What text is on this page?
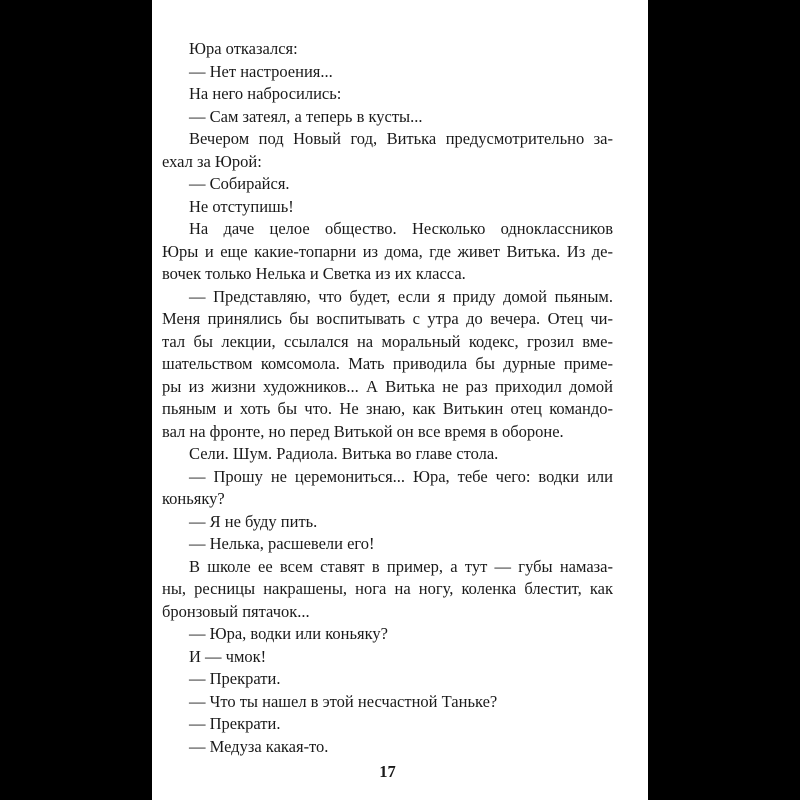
Юра отказался:
— Нет настроения...
На него набросились:
— Сам затеял, а теперь в кусты...
Вечером под Новый год, Витька предусмотрительно за-
ехал за Юрой:
— Собирайся.
Не отступишь!
На даче целое общество. Несколько одноклассников
Юры и еще какие-топарни из дома, где живет Витька. Из де-
вочек только Нелька и Светка из их класса.
— Представляю, что будет, если я приду домой пьяным.
Меня принялись бы воспитывать с утра до вечера. Отец чи-
тал бы лекции, ссылался на моральный кодекс, грозил вме-
шательством комсомола. Мать приводила бы дурные приме-
ры из жизни художников... А Витька не раз приходил домой
пьяным и хоть бы что. Не знаю, как Витькин отец командо-
вал на фронте, но перед Витькой он все время в обороне.
Сели. Шум. Радиола. Витька во главе стола.
— Прошу не церемониться... Юра, тебе чего: водки или
коньяку?
— Я не буду пить.
— Нелька, расшевели его!
В школе ее всем ставят в пример, а тут — губы намаза-
ны, ресницы накрашены, нога на ногу, коленка блестит, как
бронзовый пятачок...
— Юра, водки или коньяку?
И — чмок!
— Прекрати.
— Что ты нашел в этой несчастной Таньке?
— Прекрати.
— Медуза какая-то.
17
